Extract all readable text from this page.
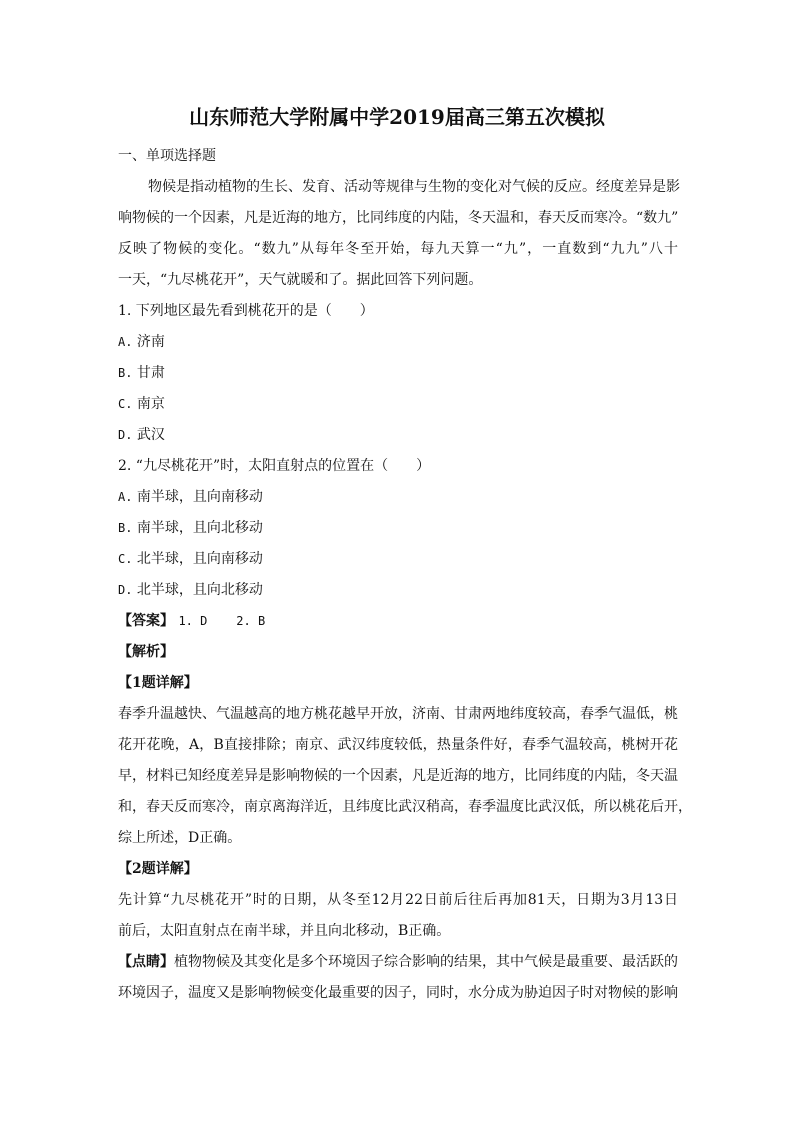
山东师范大学附属中学2019届高三第五次模拟
一、单项选择题
物候是指动植物的生长、发育、活动等规律与生物的变化对气候的反应。经度差异是影
响物候的一个因素，凡是近海的地方，比同纬度的内陆，冬天温和，春天反而寒冷。“数九”
反映了物候的变化。“数九”从每年冬至开始，每九天算一“九”，一直数到“九九”八十
一天，“九尽桃花开”，天气就暖和了。据此回答下列问题。
1. 下列地区最先看到桃花开的是（　　）
A. 济南
B. 甘肃
C. 南京
D. 武汉
2. “九尽桃花开”时，太阳直射点的位置在（　　）
A. 南半球，且向南移动
B. 南半球，且向北移动
C. 北半球，且向南移动
D. 北半球，且向北移动
【答案】 1. D 2. B
【解析】
【1题详解】
春季升温越快、气温越高的地方桃花越早开放，济南、甘肃两地纬度较高，春季气温低，桃
花开花晚，A，B直接排除；南京、武汉纬度较低，热量条件好，春季气温较高，桃树开花
早，材料已知经度差异是影响物候的一个因素，凡是近海的地方，比同纬度的内陆，冬天温
和，春天反而寒冷，南京离海洋近，且纬度比武汉稍高，春季温度比武汉低，所以桃花后开，
综上所述，D正确。
【2题详解】
先计算“九尽桃花开”时的日期，从冬至12月22日前后往后再加81天，日期为3月13日
前后，太阳直射点在南半球，并且向北移动，B正确。
【点睛】植物物候及其变化是多个环境因子综合影响的结果，其中气候是最重要、最活跃的
环境因子，温度又是影响物候变化最重要的因子，同时，水分成为胁迫因子时对物候的影响
